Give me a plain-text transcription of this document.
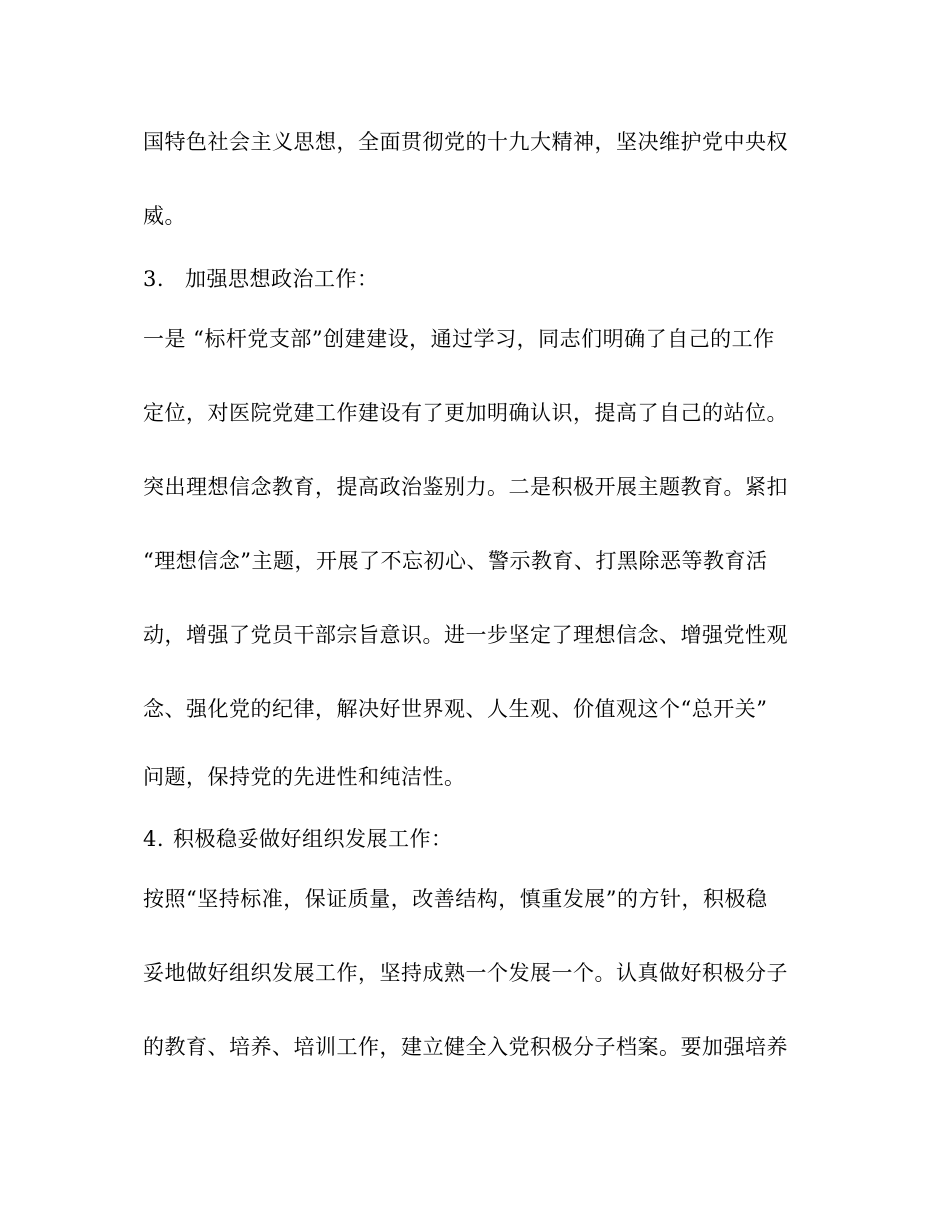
国特色社会主义思想，全面贯彻党的十九大精神，坚决维护党中央权
威。
3. 加强思想政治工作：
一是 “标杆党支部”创建建设，通过学习，同志们明确了自己的工作
定位，对医院党建工作建设有了更加明确认识，提高了自己的站位。
突出理想信念教育，提高政治鉴别力。二是积极开展主题教育。紧扣
“理想信念”主题，开展了不忘初心、警示教育、打黑除恶等教育活
动，增强了党员干部宗旨意识。进一步坚定了理想信念、增强党性观
念、强化党的纪律，解决好世界观、人生观、价值观这个“总开关”
问题，保持党的先进性和纯洁性。
4. 积极稳妥做好组织发展工作：
按照“坚持标准，保证质量，改善结构，慎重发展”的方针，积极稳
妥地做好组织发展工作，坚持成熟一个发展一个。认真做好积极分子
的教育、培养、培训工作，建立健全入党积极分子档案。要加强培养
